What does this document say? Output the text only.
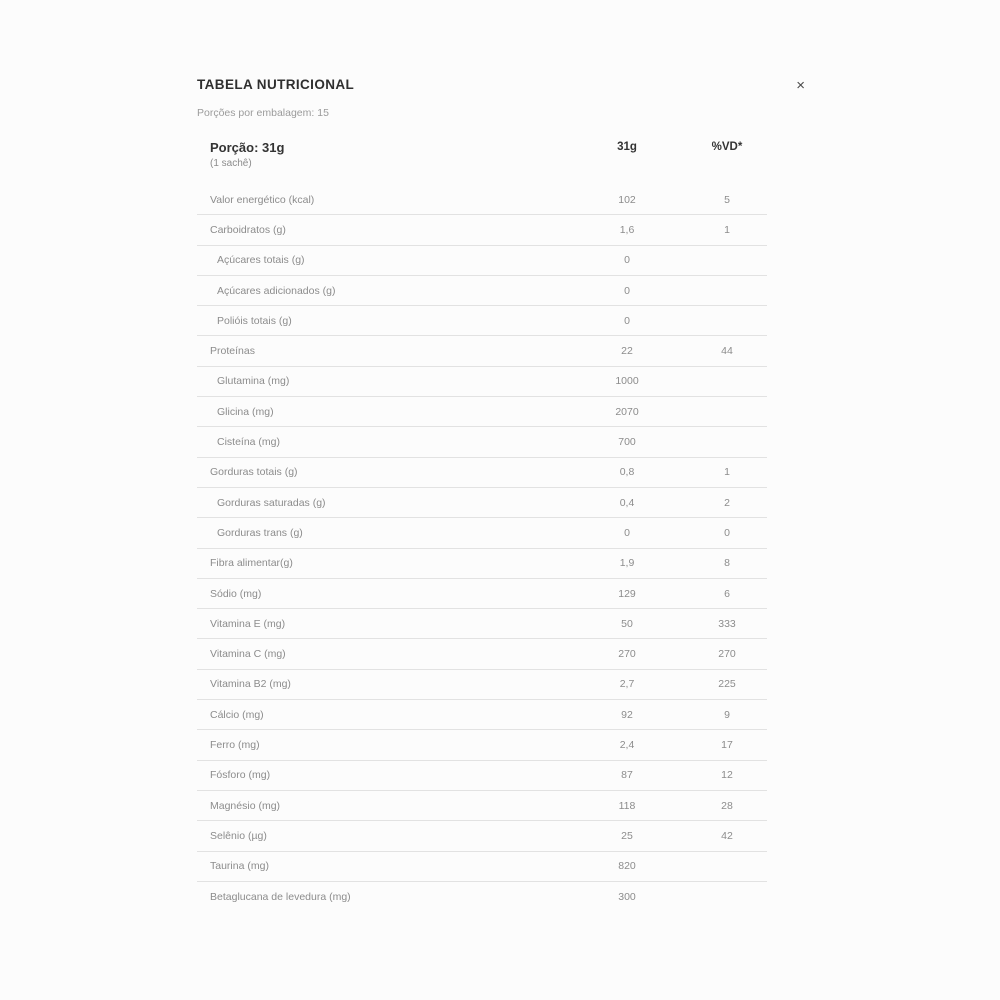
TABELA NUTRICIONAL	×
Porções por embalagem: 15
Porção: 31g
(1 sachê)
31g	%VD*
Valor energético (kcal)	102	5
Carboidratos (g)	1,6	1
Açúcares totais (g)	0
Açúcares adicionados (g)	0
Polióis totais (g)	0
Proteínas	22	44
Glutamina (mg)	1000
Glicina (mg)	2070
Cisteína (mg)	700
Gorduras totais (g)	0,8	1
Gorduras saturadas (g)	0,4	2
Gorduras trans (g)	0	0
Fibra alimentar(g)	1,9	8
Sódio (mg)	129	6
Vitamina E (mg)	50	333
Vitamina C (mg)	270	270
Vitamina B2 (mg)	2,7	225
Cálcio (mg)	92	9
Ferro (mg)	2,4	17
Fósforo (mg)	87	12
Magnésio (mg)	118	28
Selênio (µg)	25	42
Taurina (mg)	820
Betaglucana de levedura (mg)	300
